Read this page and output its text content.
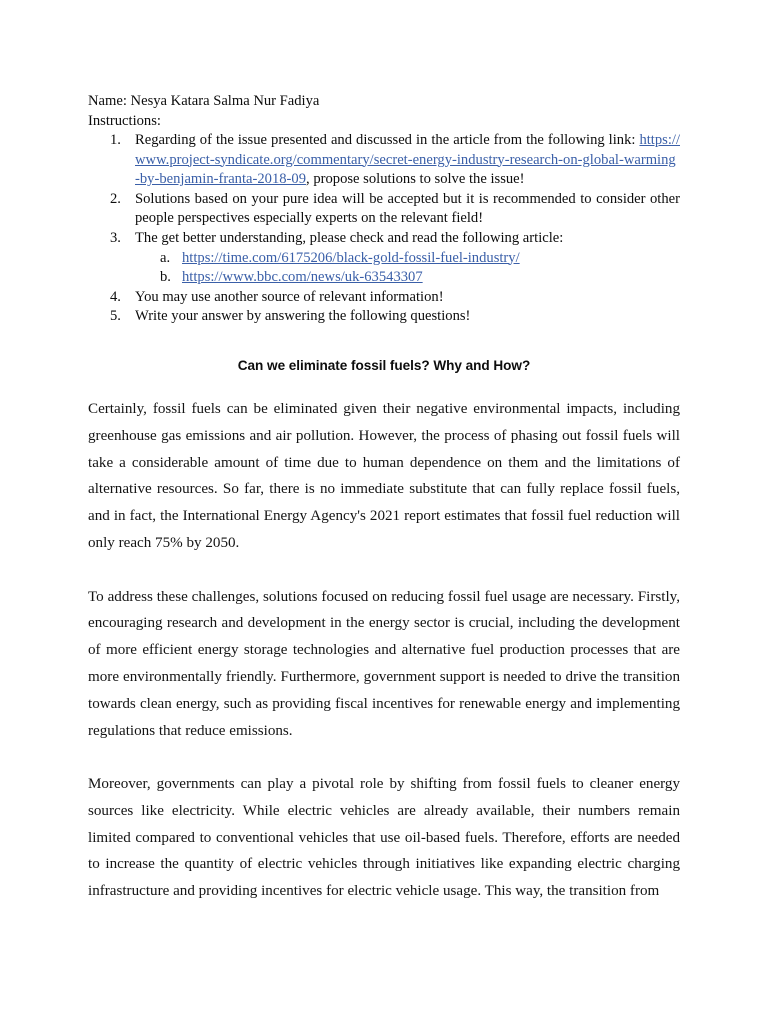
Name: Nesya Katara Salma Nur Fadiya
Instructions:
1. Regarding of the issue presented and discussed in the article from the following link: https://www.project-syndicate.org/commentary/secret-energy-industry-research-on-global-warming-by-benjamin-franta-2018-09, propose solutions to solve the issue!
2. Solutions based on your pure idea will be accepted but it is recommended to consider other people perspectives especially experts on the relevant field!
3. The get better understanding, please check and read the following article:
a. https://time.com/6175206/black-gold-fossil-fuel-industry/
b. https://www.bbc.com/news/uk-63543307
4. You may use another source of relevant information!
5. Write your answer by answering the following questions!
Can we eliminate fossil fuels? Why and How?

Certainly, fossil fuels can be eliminated given their negative environmental impacts, including greenhouse gas emissions and air pollution. However, the process of phasing out fossil fuels will take a considerable amount of time due to human dependence on them and the limitations of alternative resources. So far, there is no immediate substitute that can fully replace fossil fuels, and in fact, the International Energy Agency's 2021 report estimates that fossil fuel reduction will only reach 75% by 2050.

To address these challenges, solutions focused on reducing fossil fuel usage are necessary. Firstly, encouraging research and development in the energy sector is crucial, including the development of more efficient energy storage technologies and alternative fuel production processes that are more environmentally friendly. Furthermore, government support is needed to drive the transition towards clean energy, such as providing fiscal incentives for renewable energy and implementing regulations that reduce emissions.

Moreover, governments can play a pivotal role by shifting from fossil fuels to cleaner energy sources like electricity. While electric vehicles are already available, their numbers remain limited compared to conventional vehicles that use oil-based fuels. Therefore, efforts are needed to increase the quantity of electric vehicles through initiatives like expanding electric charging infrastructure and providing incentives for electric vehicle usage. This way, the transition from
